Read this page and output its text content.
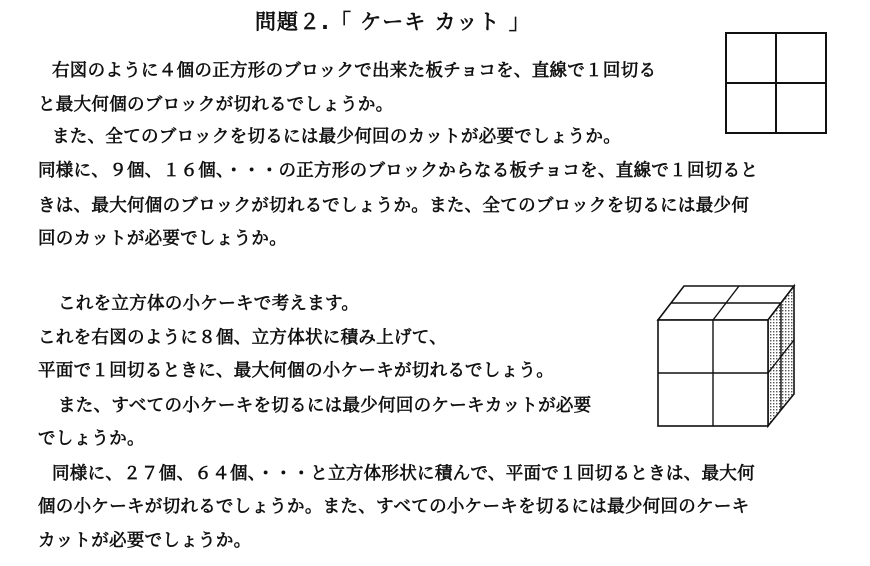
問題２.「 ケーキ カット 」
右図のように４個の正方形のブロックで出来た板チョコを、直線で１回切る
と最大何個のブロックが切れるでしょうか。
また、全てのブロックを切るには最少何回のカットが必要でしょうか。
同様に、９個、１６個、・・・の正方形のブロックからなる板チョコを、直線で１回切ると
きは、最大何個のブロックが切れるでしょうか。また、全てのブロックを切るには最少何
回のカットが必要でしょうか。
これを立方体の小ケーキで考えます。
これを右図のように８個、立方体状に積み上げて、
平面で１回切るときに、最大何個の小ケーキが切れるでしょう。
また、すべての小ケーキを切るには最少何回のケーキカットが必要
でしょうか。
同様に、２７個、６４個、・・・と立方体形状に積んで、平面で１回切るときは、最大何
個の小ケーキが切れるでしょうか。また、すべての小ケーキを切るには最少何回のケーキ
カットが必要でしょうか。
